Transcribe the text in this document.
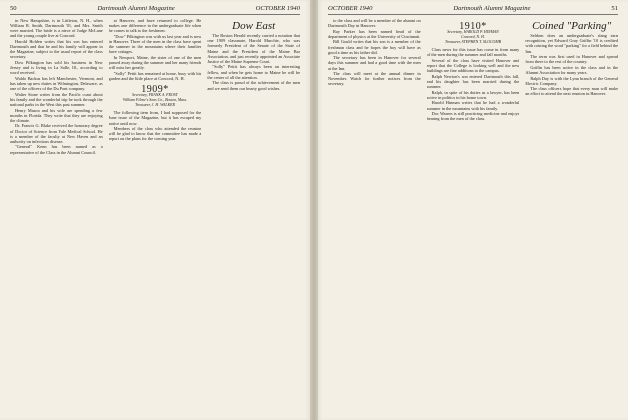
50	Dartmouth Alumni Magazine	OCTOBER 1940

in New Hampshire, is in Littleton, N. H., when William R. Smith, Dartmouth '01, and Mrs. Smith were married. The bride is a niece of Judge McLane and the young couple live at Concord.

Harold Holden writes that his son has entered Dartmouth and that he and his family will appear in the Magazine, subject to the usual report of the class secretary.

Dow Pilkington has sold his business in New Jersey and is living in La Salle, Ill., according to word received.

Waldo Backus has left Manchester, Vermont, and has taken up new duties in Wilmington, Delaware, as one of the officers of the Du Pont company.

Walter Stone writes from the Pacific coast about his family and the wonderful trip he took through the national parks in the West this past summer.

Henry Mason and his wife are spending a few months in Florida. They write that they are enjoying the climate.

Dr. Francis G. Blake received the honorary degree of Doctor of Science from Yale Medical School. He is a member of the faculty at New Haven and an authority on infectious disease.

"General" Kenn has been named as a representative of the Class in the Alumni Council.

at Hanover, and have returned to college. He makes one difference in the undergraduate life when he comes to talk to the freshmen.

"Dow" Pilkington was with us last year and is now in Hanover. Three of the men in the class have spent the summer in the mountains where their families have cottages.

In Newport, Maine, the sister of one of the men passed away during the summer and her many friends will miss her greatly.

"Solly" Pettit has remained at home, busy with his garden and the little place at Concord, N. H.

1909*
Secretary, FRANK A. FROST
William Filene's Sons Co., Boston, Mass.
Treasurer, J. H. WALKER

The following item from, I had supposed for the June issue of the Magazine, but it has escaped my notice until now.

Members of the class who attended the reunion will be glad to know that the committee has made a report on the plans for the coming year.

Dow East

The Boston Herald recently carried a notation that one 1909 classmate, Harold Murchie, who was formerly President of the Senate of the State of Maine and the President of the Maine Bar Association, and just recently appointed an Associate Justice of the Maine Supreme Court.

"Solly" Pettit has always been an interesting fellow, and when he gets home to Maine he will be the center of all the attention.

The class is proud of the achievement of the men and we send them our hearty good wishes.

OCTOBER 1940	Dartmouth Alumni Magazine	51

to the class and will be a member of the alumni on Dartmouth Day in Hanover.

Ray Parker has been named head of the department of physics at the University of Cincinnati.

Bill Gould writes that his son is a member of the freshman class and he hopes the boy will have as good a time as his father did.

The secretary has been in Hanover for several days this summer and had a good time with the men at the Inn.

The class will meet at the annual dinner in November. Watch for further notices from the secretary.

1910*
Secretary, HAROLD P. HINMAN
Concord, N. H.
Treasurer, STEPHEN T. SLOCOMB

Class news for this issue has come in from many of the men during the summer and fall months.

Several of the class have visited Hanover and report that the College is looking well and the new buildings are fine additions to the campus.

Ralph Newton's son entered Dartmouth this fall, and his daughter has been married during the summer.

Ralph, in spite of his duties as a lawyer, has been active in politics in his home town.

Harold Hinman writes that he had a wonderful summer in the mountains with his family.

Doc Warren is still practicing medicine and enjoys hearing from the men of the class.

Coined "Parking"

Seldom does an undergraduate's slang earn recognition, yet Edward Gray Griffin '10 is credited with coining the word "parking" for a field behind the Inn.

The term was first used in Hanover and spread from there to the rest of the country.

Griffin has been active in the class and in the Alumni Association for many years.

Ralph Day is with the Lynn branch of the General Electric Company.

The class officers hope that every man will make an effort to attend the next reunion in Hanover.
